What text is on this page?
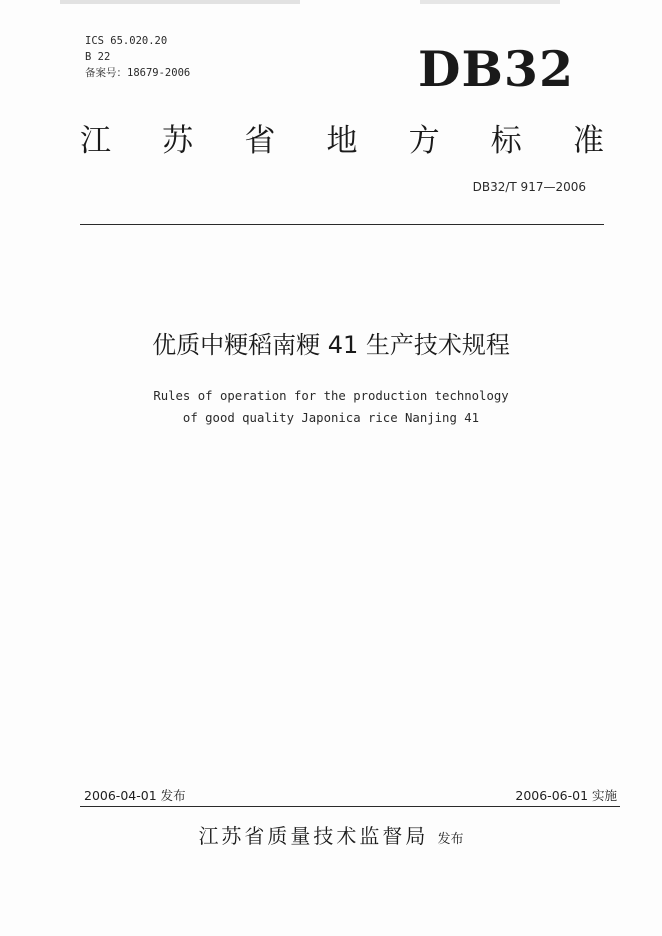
ICS 65.020.20
B 22
备案号：18679-2006	DB32
江 苏 省 地 方 标 准
DB32/T 917—2006
优质中粳稻南粳 41 生产技术规程
Rules of operation for the production technology
of good quality Japonica rice Nanjing 41
2006-04-01 发布	2006-06-01 实施
江苏省质量技术监督局 发布
